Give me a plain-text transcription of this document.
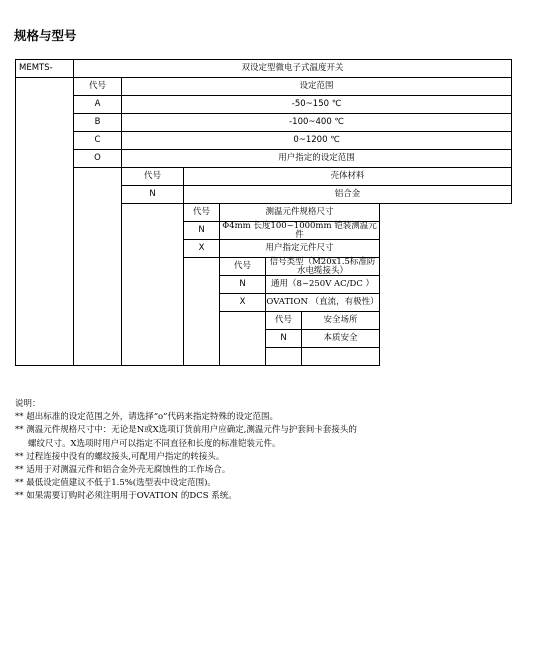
规格与型号
MEMTS-	双设定型微电子式温度开关					
	代号	设定范围				
	A	-50~150 ℃				
	B	-100~400 ℃				
	C	0~1200 ℃				
	O	用户指定的设定范围				
		代号	壳体材料			
		N	铝合金			
			代号	测温元件规格尺寸		
			N	Φ4mm 长度100~1000mm 铠装测温元件		
			X	用户指定元件尺寸		
				代号	信号类型（M20x1.5标准防水电缆接头）	
				N	通用（8~250V AC/DC ）	
				X	OVATION （直流，有极性）	
					代号	安全场所
					N	本质安全

说明：
** 超出标准的设定范围之外，请选择“o”代码来指定特殊的设定范围。
** 测温元件规格尺寸中：无论是N或X选项订货前用户应确定,测温元件与护套间卡套接头的
螺纹尺寸。X选项时用户可以指定不同直径和长度的标准铠装元件。
** 过程连接中没有的螺纹接头,可配用户指定的转接头。
** 适用于对测温元件和铝合金外壳无腐蚀性的工作场合。
** 最低设定值建议不低于1.5%(选型表中设定范围)。
** 如果需要订购时必须注明用于OVATION 的DCS 系统。
